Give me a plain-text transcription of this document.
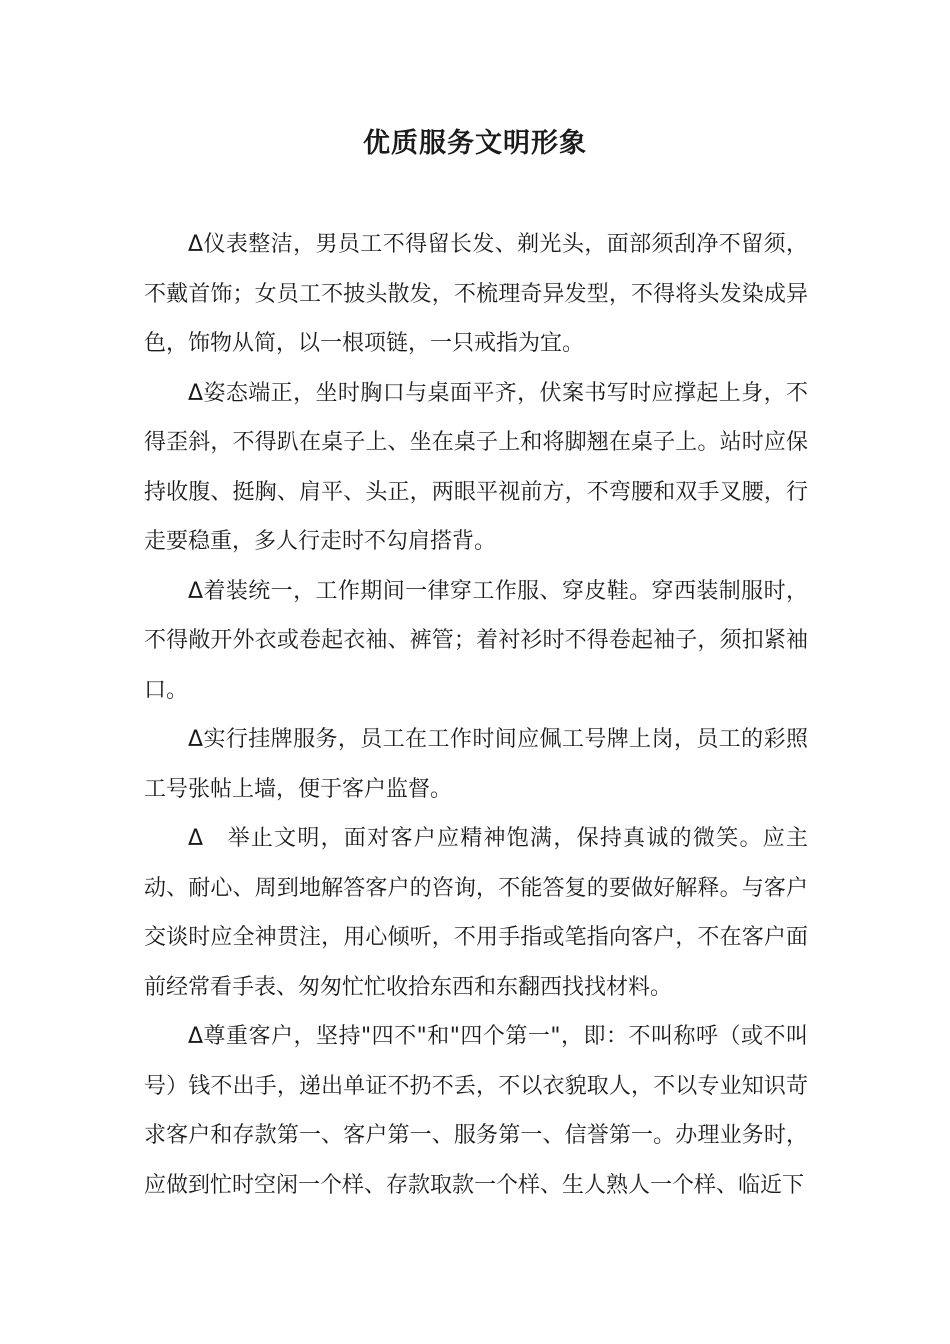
优质服务文明形象

Δ仪表整洁，男员工不得留长发、剃光头，面部须刮净不留须，不戴首饰；女员工不披头散发，不梳理奇异发型，不得将头发染成异色，饰物从简，以一根项链，一只戒指为宜。

Δ姿态端正，坐时胸口与桌面平齐，伏案书写时应撑起上身，不得歪斜，不得趴在桌子上、坐在桌子上和将脚翘在桌子上。站时应保持收腹、挺胸、肩平、头正，两眼平视前方，不弯腰和双手叉腰，行走要稳重，多人行走时不勾肩搭背。

Δ着装统一，工作期间一律穿工作服、穿皮鞋。穿西装制服时，不得敞开外衣或卷起衣袖、裤管；着衬衫时不得卷起袖子，须扣紧袖口。

Δ实行挂牌服务，员工在工作时间应佩工号牌上岗，员工的彩照工号张帖上墙，便于客户监督。

Δ　举止文明，面对客户应精神饱满，保持真诚的微笑。应主动、耐心、周到地解答客户的咨询，不能答复的要做好解释。与客户交谈时应全神贯注，用心倾听，不用手指或笔指向客户，不在客户面前经常看手表、匆匆忙忙收拾东西和东翻西找找材料。

Δ尊重客户，坚持"四不"和"四个第一"，即：不叫称呼（或不叫号）钱不出手，递出单证不扔不丢，不以衣貌取人，不以专业知识苛求客户和存款第一、客户第一、服务第一、信誉第一。办理业务时，应做到忙时空闲一个样、存款取款一个样、生人熟人一个样、临近下
